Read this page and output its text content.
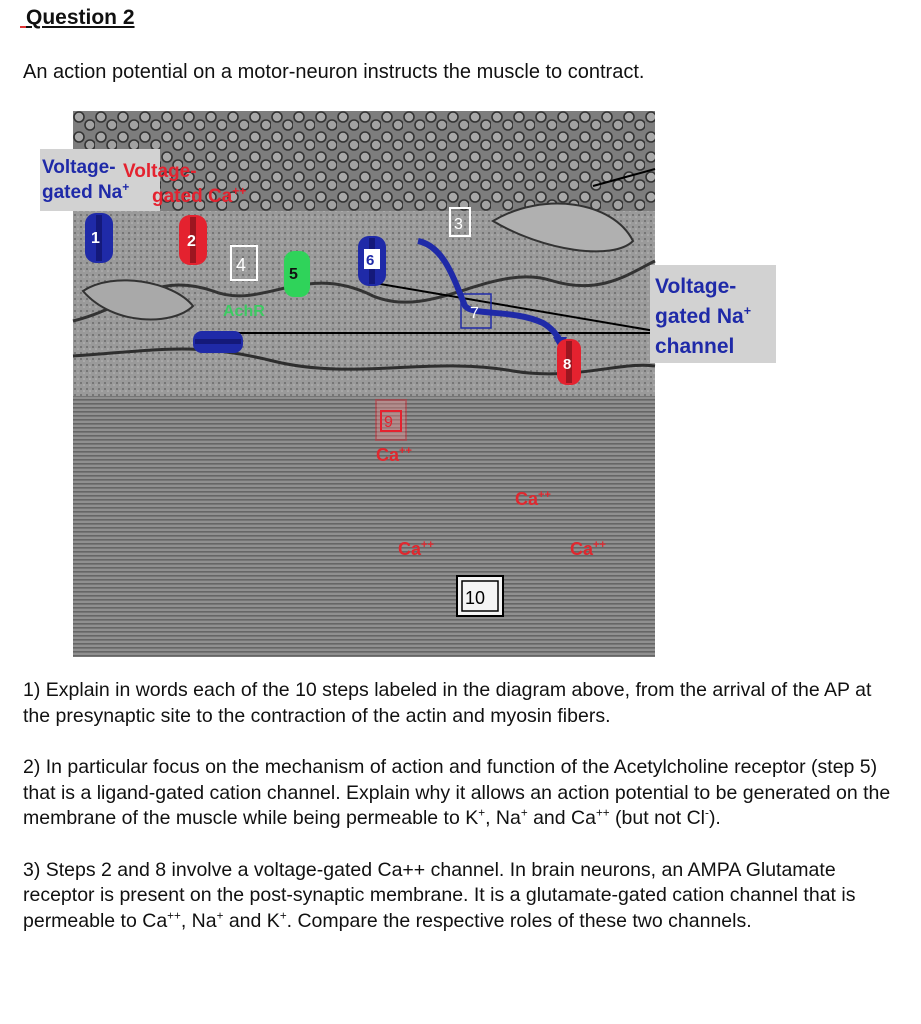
Question 2
An action potential on a motor-neuron instructs the muscle to contract.
Voltage-
gated Na+
Voltage-
gated Ca++
1	2
4	5
AchR
6
3
7
8
9
10
Ca++
Ca++
Ca++	Ca++
Voltage-
gated Na+
channel

1) Explain in words each of the 10 steps labeled in the diagram above, from the arrival of the AP at the presynaptic site to the contraction of the actin and myosin fibers.

2) In particular focus on the mechanism of action and function of the Acetylcholine receptor (step 5) that is a ligand-gated cation channel. Explain why it allows an action potential to be generated on the membrane of the muscle while being permeable to K+, Na+ and Ca++ (but not Cl-).

3) Steps 2 and 8 involve a voltage-gated Ca++ channel. In brain neurons, an AMPA Glutamate receptor is present on the post-synaptic membrane. It is a glutamate-gated cation channel that is permeable to Ca++, Na+ and K+. Compare the respective roles of these two channels.
